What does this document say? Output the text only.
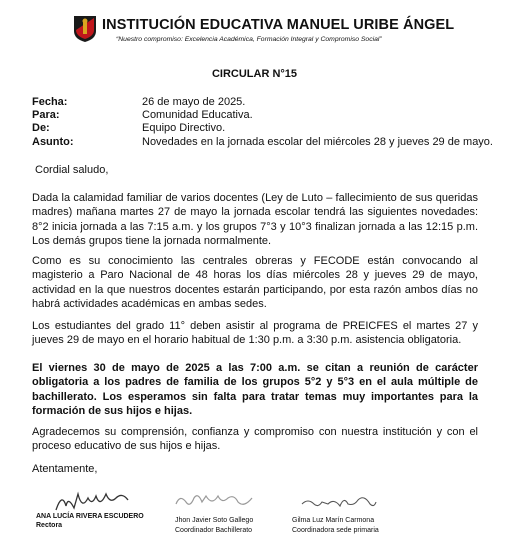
INSTITUCIÓN EDUCATIVA MANUEL URIBE ÁNGEL
“Nuestro compromiso: Excelencia Académica, Formación Integral y Compromiso Social”
CIRCULAR N°15
Fecha:	26 de mayo de 2025.
Para:	Comunidad Educativa.
De:	Equipo Directivo.
Asunto:	Novedades en la jornada escolar del miércoles 28 y jueves 29 de mayo.
Cordial saludo,
Dada la calamidad familiar de varios docentes (Ley de Luto – fallecimiento de sus queridas madres) mañana martes 27 de mayo la jornada escolar tendrá las siguientes novedades: 8°2 inicia jornada a las 7:15 a.m. y los grupos 7°3 y 10°3 finalizan jornada a las 12:15 p.m. Los demás grupos tiene la jornada normalmente.
Como es su conocimiento las centrales obreras y FECODE están convocando al magisterio a Paro Nacional de 48 horas los días miércoles 28 y jueves 29 de mayo, actividad en la que nuestros docentes estarán participando, por esta razón ambos días no habrá actividades académicas en ambas sedes.
Los estudiantes del grado 11° deben asistir al programa de PREICFES el martes 27 y jueves 29 de mayo en el horario habitual de 1:30 p.m. a 3:30 p.m. asistencia obligatoria.
El viernes 30 de mayo de 2025 a las 7:00 a.m. se citan a reunión de carácter obligatoria a los padres de familia de los grupos 5°2 y 5°3 en el aula múltiple de bachillerato. Los esperamos sin falta para tratar temas muy importantes para la formación de sus hijos e hijas.
Agradecemos su comprensión, confianza y compromiso con nuestra institución y con el proceso educativo de sus hijos e hijas.
Atentamente,
ANA LUCÍA RIVERA ESCUDERO
Rectora
Jhon Javier Soto Gallego
Coordinador Bachillerato
Gilma Luz Marín Carmona
Coordinadora sede primaria
